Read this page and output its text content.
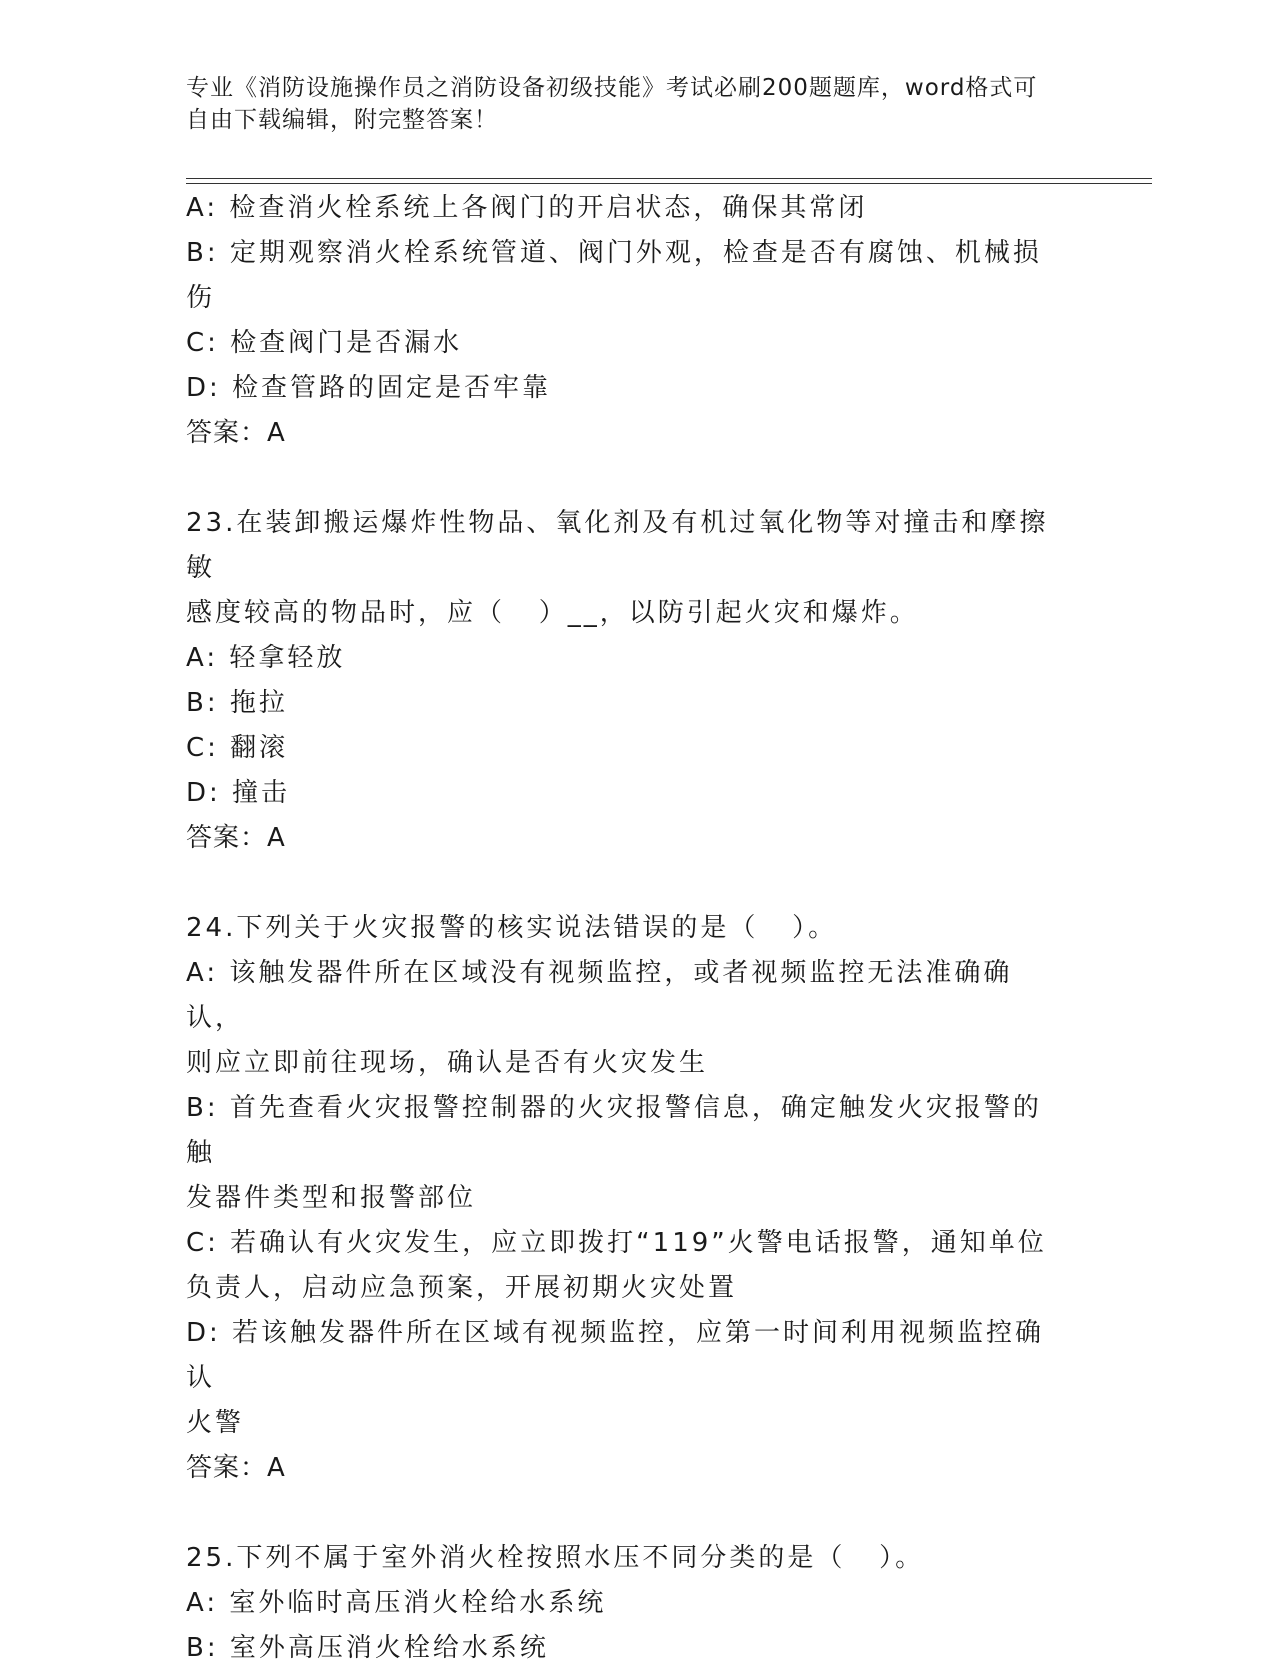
专业《消防设施操作员之消防设备初级技能》考试必刷200题题库，word格式可
自由下载编辑，附完整答案！
A: 检查消火栓系统上各阀门的开启状态，确保其常闭
B: 定期观察消火栓系统管道、阀门外观，检查是否有腐蚀、机械损伤
C: 检查阀门是否漏水
D: 检查管路的固定是否牢靠
答案：A
23.在装卸搬运爆炸性物品、氧化剂及有机过氧化物等对撞击和摩擦敏
感度较高的物品时，应（   ）__，以防引起火灾和爆炸。
A: 轻拿轻放
B: 拖拉
C: 翻滚
D: 撞击
答案：A
24.下列关于火灾报警的核实说法错误的是（   ）。
A: 该触发器件所在区域没有视频监控，或者视频监控无法准确确认，
则应立即前往现场，确认是否有火灾发生
B: 首先查看火灾报警控制器的火灾报警信息，确定触发火灾报警的触
发器件类型和报警部位
C: 若确认有火灾发生，应立即拨打“119”火警电话报警，通知单位
负责人，启动应急预案，开展初期火灾处置
D: 若该触发器件所在区域有视频监控，应第一时间利用视频监控确认
火警
答案：A
25.下列不属于室外消火栓按照水压不同分类的是（   ）。
A: 室外临时高压消火栓给水系统
B: 室外高压消火栓给水系统
